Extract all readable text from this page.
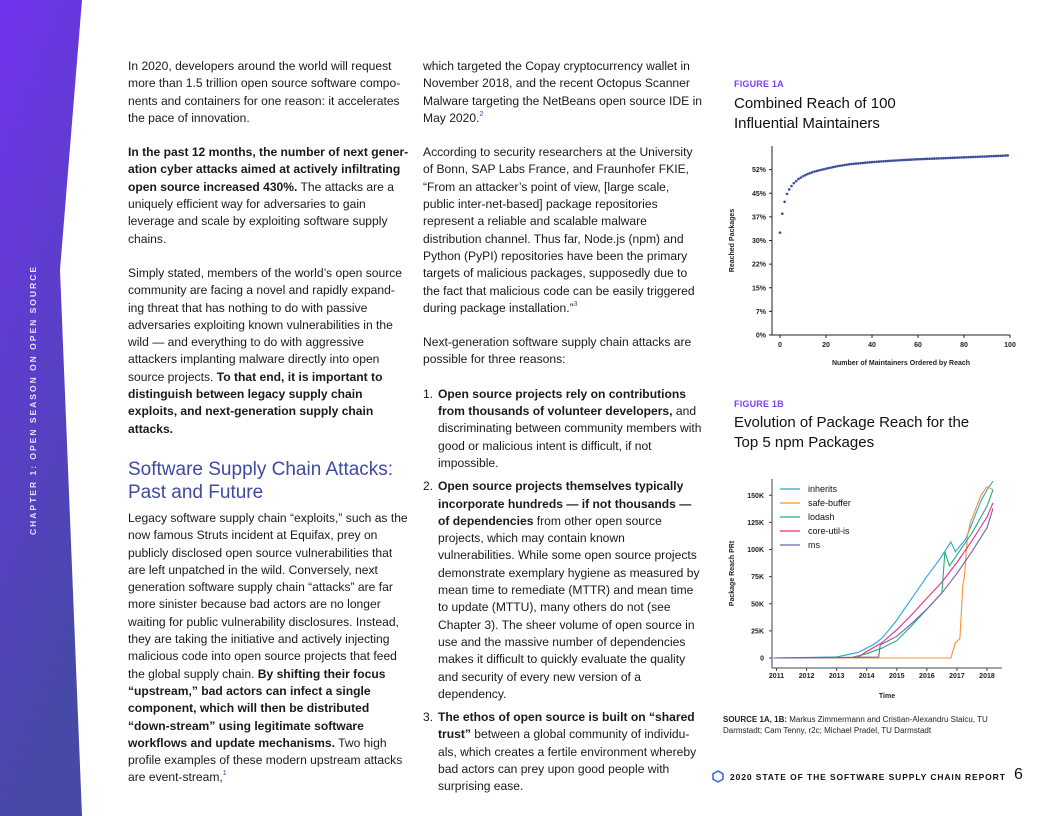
CHAPTER 1: OPEN SEASON ON OPEN SOURCE

In 2020, developers around the world will request more than 1.5 trillion open source software compo-nents and containers for one reason: it accelerates the pace of innovation.

In the past 12 months, the number of next gener-ation cyber attacks aimed at actively infiltrating open source increased 430%. The attacks are a uniquely efficient way for adversaries to gain leverage and scale by exploiting software supply chains.

Simply stated, members of the world’s open source community are facing a novel and rapidly expand-ing threat that has nothing to do with passive adversaries exploiting known vulnerabilities in the wild — and everything to do with aggressive attackers implanting malware directly into open source projects. To that end, it is important to distinguish between legacy supply chain exploits, and next-generation supply chain attacks.

Software Supply Chain Attacks: Past and Future

Legacy software supply chain “exploits,” such as the now famous Struts incident at Equifax, prey on publicly disclosed open source vulnerabilities that are left unpatched in the wild. Conversely, next generation software supply chain “attacks” are far more sinister because bad actors are no longer waiting for public vulnerability disclosures. Instead, they are taking the initiative and actively injecting malicious code into open source projects that feed the global supply chain. By shifting their focus “upstream,” bad actors can infect a single component, which will then be distributed “down-stream” using legitimate software workflows and update mechanisms. Two high profile examples of these modern upstream attacks are event-stream,$^1$

which targeted the Copay cryptocurrency wallet in November 2018, and the recent Octopus Scanner Malware targeting the NetBeans open source IDE in May 2020.$^2$

According to security researchers at the University of Bonn, SAP Labs France, and Fraunhofer FKIE, “From an attacker’s point of view, [large scale, public inter-net-based] package repositories represent a reliable and scalable malware distribution channel. Thus far, Node.js (npm) and Python (PyPI) repositories have been the primary targets of malicious packages, supposedly due to the fact that malicious code can be easily triggered during package installation.”$^3$

Next-generation software supply chain attacks are possible for three reasons:

1. Open source projects rely on contributions from thousands of volunteer developers, and discriminating between community members with good or malicious intent is difficult, if not impossible.
2. Open source projects themselves typically incorporate hundreds — if not thousands — of dependencies from other open source projects, which may contain known vulnerabilities. While some open source projects demonstrate exemplary hygiene as measured by mean time to remediate (MTTR) and mean time to update (MTTU), many others do not (see Chapter 3). The sheer volume of open source in use and the massive number of dependencies makes it difficult to quickly evaluate the quality and security of every new version of a dependency.
3. The ethos of open source is built on “shared trust” between a global community of individu-als, which creates a fertile environment whereby bad actors can prey upon good people with surprising ease.
FIGURE 1A
Combined Reach of 100 Influential Maintainers
0%
7%
15%
22%
30%
37%
45%
52%
0	20	40	60	80	100
Number of Maintainers Ordered by Reach
Reached Packages
FIGURE 1B
Evolution of Package Reach for the Top 5 npm Packages
0
25K
50K
75K
100K
125K
150K
2011 2012 2013 2014 2015 2016 2017 2018
Time
Package Reach PRt
inherits
safe-buffer
lodash
core-util-is
ms
SOURCE 1A, 1B: Markus Zimmermann and Cristian-Alexandru Staicu, TU Darmstadt; Cam Tenny, r2c; Michael Pradel, TU Darmstadt
2020 STATE OF THE SOFTWARE SUPPLY CHAIN REPORT 6
